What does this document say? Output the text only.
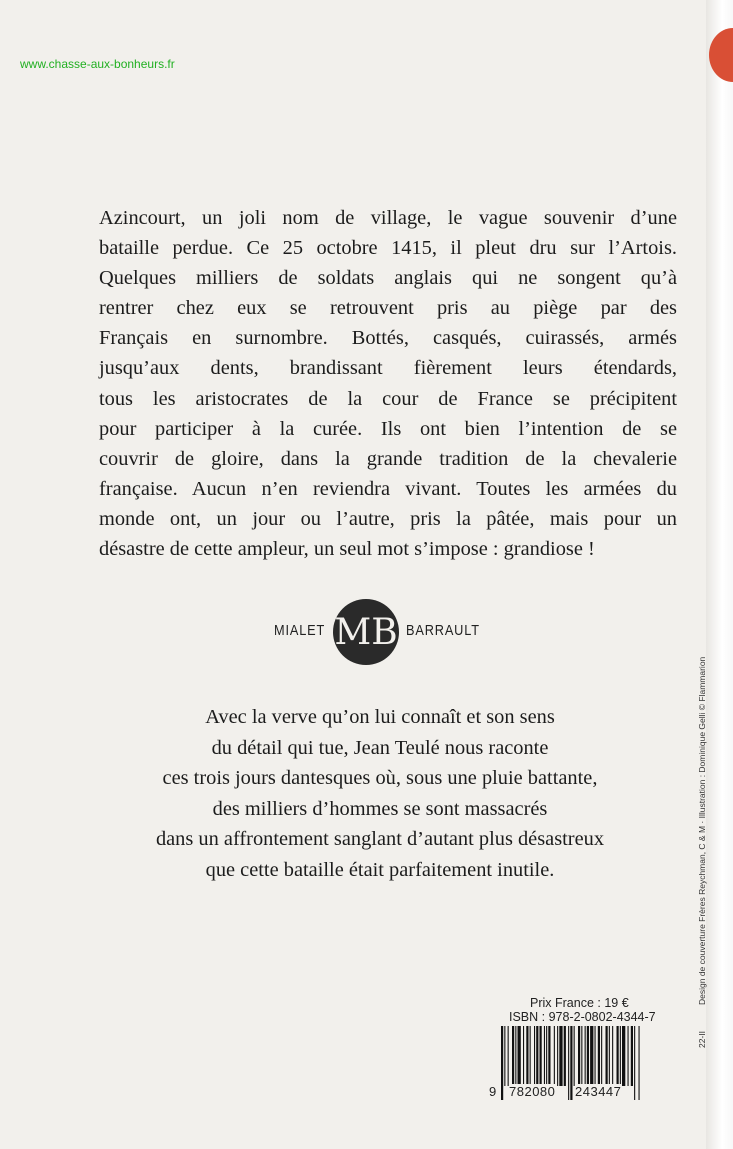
www.chasse-aux-bonheurs.fr
Azincourt, un joli nom de village, le vague souvenir d’une
bataille perdue. Ce 25 octobre 1415, il pleut dru sur l’Artois.
Quelques milliers de soldats anglais qui ne songent qu’à
rentrer chez eux se retrouvent pris au piège par des
Français en surnombre. Bottés, casqués, cuirassés, armés
jusqu’aux dents, brandissant fièrement leurs étendards,
tous les aristocrates de la cour de France se précipitent
pour participer à la curée. Ils ont bien l’intention de se
couvrir de gloire, dans la grande tradition de la chevalerie
française. Aucun n’en reviendra vivant. Toutes les armées du
monde ont, un jour ou l’autre, pris la pâtée, mais pour un
désastre de cette ampleur, un seul mot s’impose : grandiose !
MIALET MB BARRAULT
Avec la verve qu’on lui connaît et son sens
du détail qui tue, Jean Teulé nous raconte
ces trois jours dantesques où, sous une pluie battante,
des milliers d’hommes se sont massacrés
dans un affrontement sanglant d’autant plus désastreux
que cette bataille était parfaitement inutile.	Design de couverture Frères Reychman, C & M · Illustration : Dominique Gelli © Flammarion
22-II
Prix France : 19 €
ISBN : 978-2-0802-4344-7
9 782080 243447
